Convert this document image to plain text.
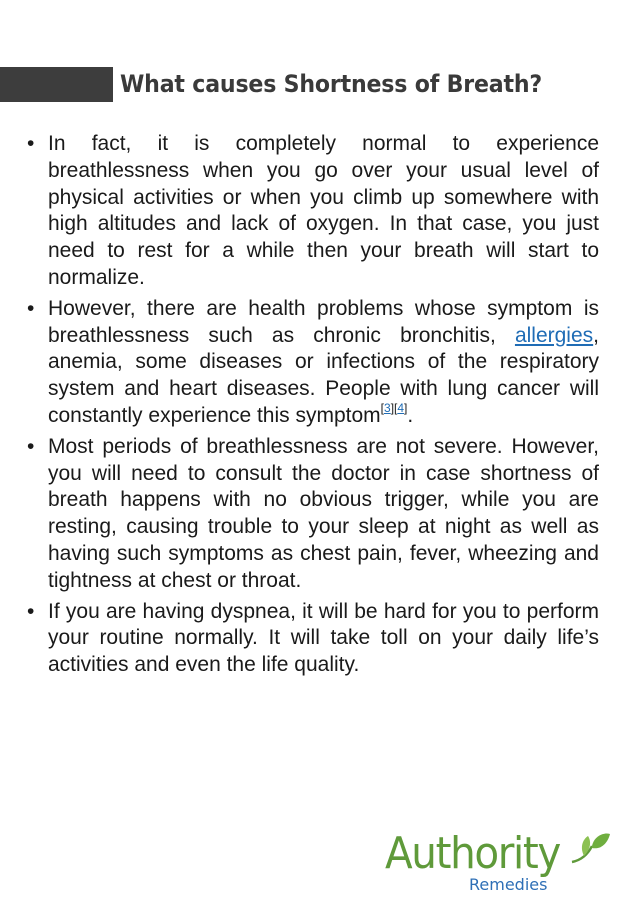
What causes Shortness of Breath?
• In fact, it is completely normal to experience breathlessness when you go over your usual level of physical activities or when you climb up somewhere with high altitudes and lack of oxygen. In that case, you just need to rest for a while then your breath will start to normalize.
• However, there are health problems whose symptom is breathlessness such as chronic bronchitis, allergies, anemia, some diseases or infections of the respiratory system and heart diseases. People with lung cancer will constantly experience this symptom[3][4].
• Most periods of breathlessness are not severe. However, you will need to consult the doctor in case shortness of breath happens with no obvious trigger, while you are resting, causing trouble to your sleep at night as well as having such symptoms as chest pain, fever, wheezing and tightness at chest or throat.
• If you are having dyspnea, it will be hard for you to perform your routine normally. It will take toll on your daily life’s activities and even the life quality.
Authority
Remedies
